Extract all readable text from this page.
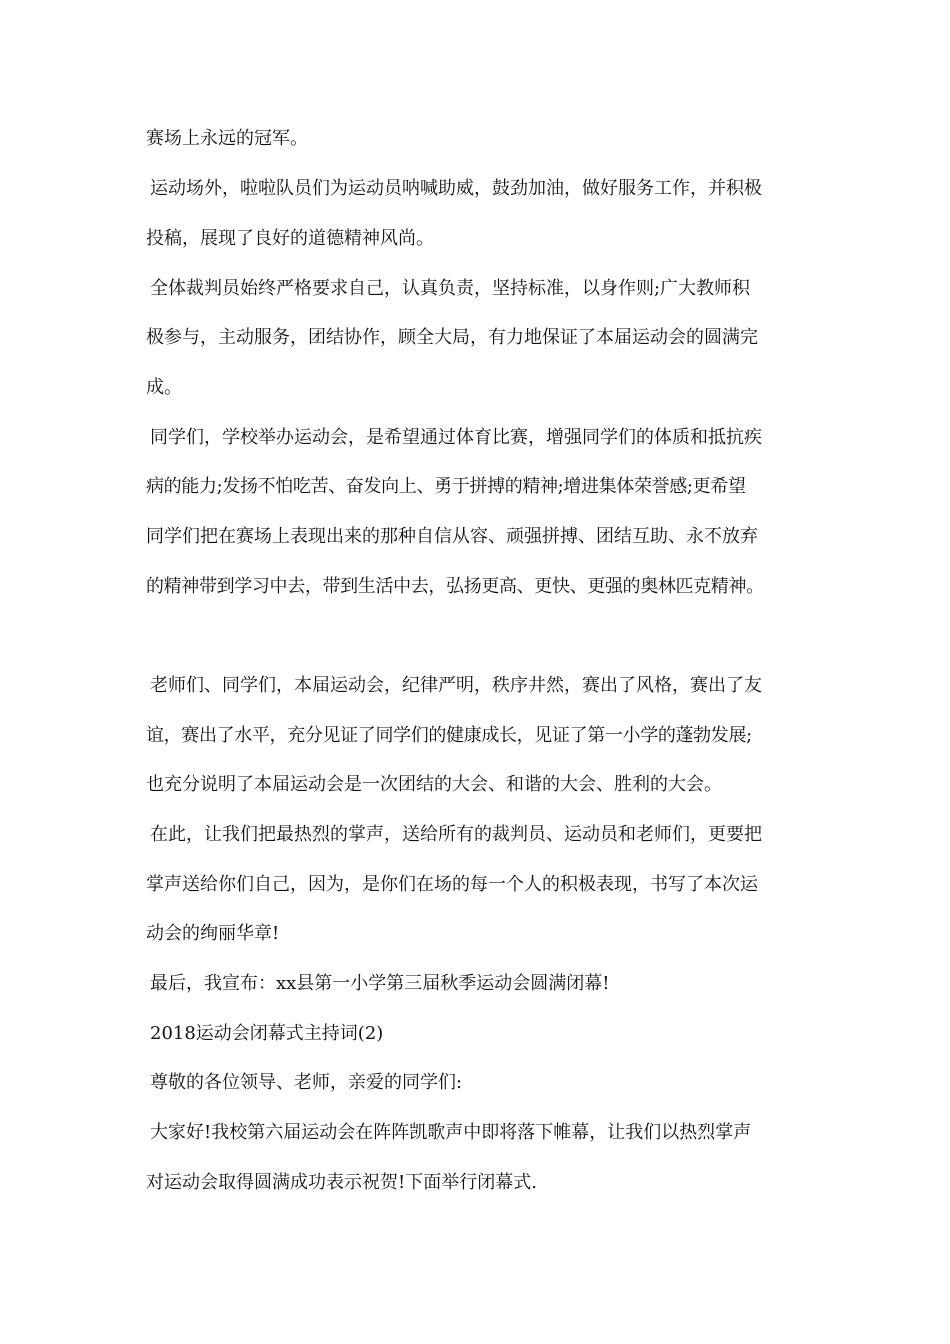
赛场上永远的冠军。

运动场外，啦啦队员们为运动员呐喊助威，鼓劲加油，做好服务工作，并积极

投稿，展现了良好的道德精神风尚。

全体裁判员始终严格要求自己，认真负责，坚持标准，以身作则;广大教师积

极参与，主动服务，团结协作，顾全大局，有力地保证了本届运动会的圆满完

成。

同学们，学校举办运动会，是希望通过体育比赛，增强同学们的体质和抵抗疾

病的能力;发扬不怕吃苦、奋发向上、勇于拼搏的精神;增进集体荣誉感;更希望

同学们把在赛场上表现出来的那种自信从容、顽强拼搏、团结互助、永不放弃

的精神带到学习中去，带到生活中去，弘扬更高、更快、更强的奥林匹克精神。

老师们、同学们，本届运动会，纪律严明，秩序井然，赛出了风格，赛出了友

谊，赛出了水平，充分见证了同学们的健康成长，见证了第一小学的蓬勃发展;

也充分说明了本届运动会是一次团结的大会、和谐的大会、胜利的大会。

在此，让我们把最热烈的掌声，送给所有的裁判员、运动员和老师们，更要把

掌声送给你们自己，因为，是你们在场的每一个人的积极表现，书写了本次运

动会的绚丽华章!

最后，我宣布：xx县第一小学第三届秋季运动会圆满闭幕!

2018运动会闭幕式主持词(2)

尊敬的各位领导、老师，亲爱的同学们:

大家好!我校第六届运动会在阵阵凯歌声中即将落下帷幕，让我们以热烈掌声

对运动会取得圆满成功表示祝贺!下面举行闭幕式.
